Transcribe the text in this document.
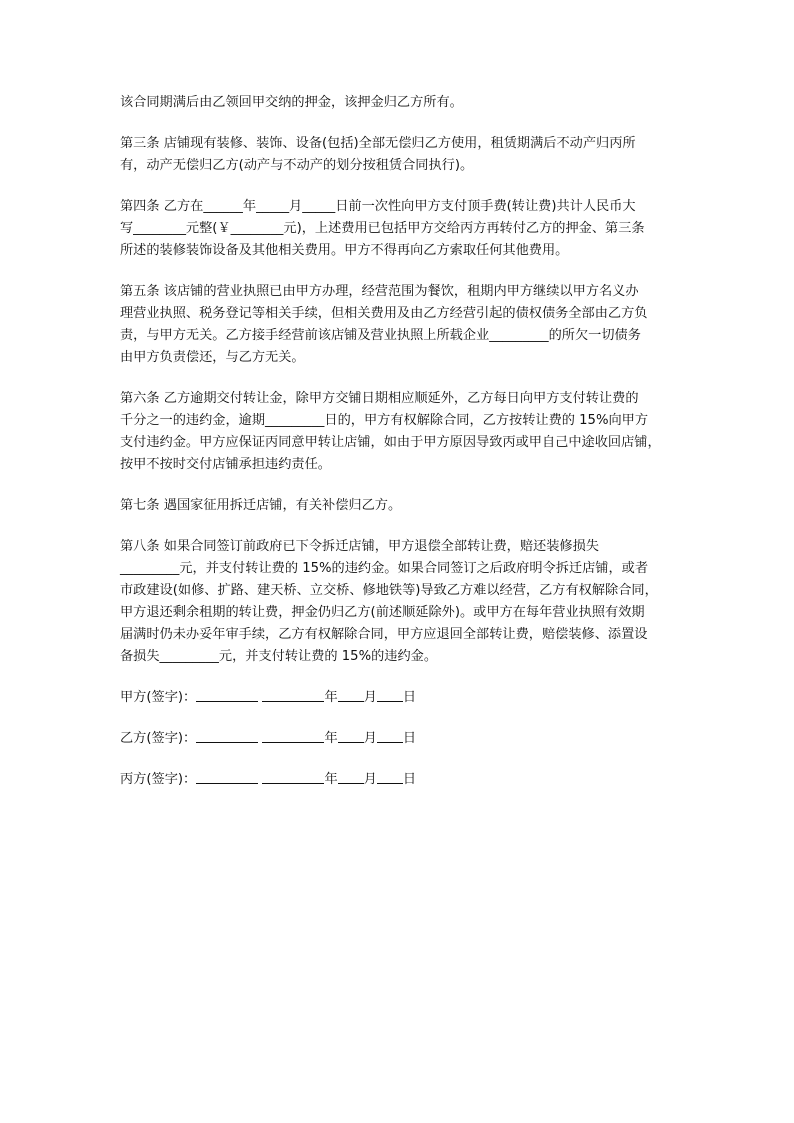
该合同期满后由乙领回甲交纳的押金，该押金归乙方所有。
第三条 店铺现有装修、装饰、设备(包括)全部无偿归乙方使用，租赁期满后不动产归丙所
有，动产无偿归乙方(动产与不动产的划分按租赁合同执行)。
第四条 乙方在______年_____月_____日前一次性向甲方支付顶手费(转让费)共计人民币大
写________元整(￥________元)，上述费用已包括甲方交给丙方再转付乙方的押金、第三条
所述的装修装饰设备及其他相关费用。甲方不得再向乙方索取任何其他费用。
第五条 该店铺的营业执照已由甲方办理，经营范围为餐饮，租期内甲方继续以甲方名义办
理营业执照、税务登记等相关手续，但相关费用及由乙方经营引起的债权债务全部由乙方负
责，与甲方无关。乙方接手经营前该店铺及营业执照上所载企业_________的所欠一切债务
由甲方负责偿还，与乙方无关。
第六条 乙方逾期交付转让金，除甲方交铺日期相应顺延外，乙方每日向甲方支付转让费的
千分之一的违约金，逾期_________日的，甲方有权解除合同，乙方按转让费的 15%向甲方
支付违约金。甲方应保证丙同意甲转让店铺，如由于甲方原因导致丙或甲自己中途收回店铺，
按甲不按时交付店铺承担违约责任。
第七条 遇国家征用拆迁店铺，有关补偿归乙方。
第八条 如果合同签订前政府已下令拆迁店铺，甲方退偿全部转让费，赔还装修损失
_________元，并支付转让费的 15%的违约金。如果合同签订之后政府明令拆迁店铺，或者
市政建设(如修、扩路、建天桥、立交桥、修地铁等)导致乙方难以经营，乙方有权解除合同，
甲方退还剩余租期的转让费，押金仍归乙方(前述顺延除外)。或甲方在每年营业执照有效期
届满时仍未办妥年审手续，乙方有权解除合同，甲方应退回全部转让费，赔偿装修、添置设
备损失_________元，并支付转让费的 15%的违约金。
甲方(签字)：	年 月 日
乙方(签字)：	年 月 日
丙方(签字)：	年 月 日
